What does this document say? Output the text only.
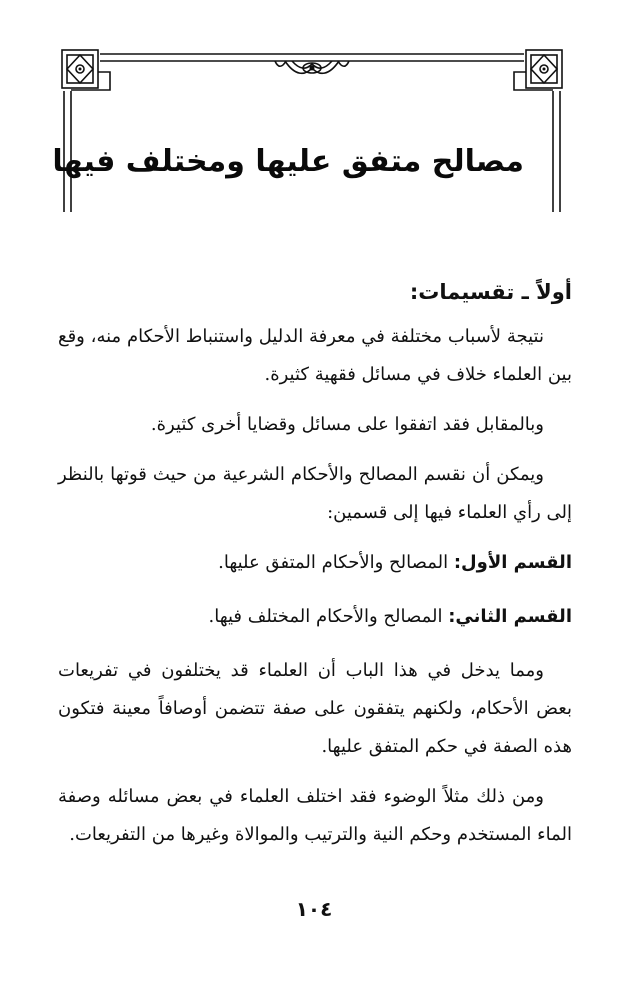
مصالح متفق عليها ومختلف فيها
أولاً ـ تقسيمات:

نتيجة لأسباب مختلفة في معرفة الدليل واستنباط الأحكام منه، وقع بين العلماء خلاف في مسائل فقهية كثيرة.

وبالمقابل فقد اتفقوا على مسائل وقضايا أخرى كثيرة.

ويمكن أن نقسم المصالح والأحكام الشرعية من حيث قوتها بالنظر إلى رأي العلماء فيها إلى قسمين:

القسم الأول: المصالح والأحكام المتفق عليها.

القسم الثاني: المصالح والأحكام المختلف فيها.

ومما يدخل في هذا الباب أن العلماء قد يختلفون في تفريعات بعض الأحكام، ولكنهم يتفقون على صفة تتضمن أوصافاً معينة فتكون هذه الصفة في حكم المتفق عليها.

ومن ذلك مثلاً الوضوء فقد اختلف العلماء في بعض مسائله وصفة الماء المستخدم وحكم النية والترتيب والموالاة وغيرها من التفريعات.

١٠٤
